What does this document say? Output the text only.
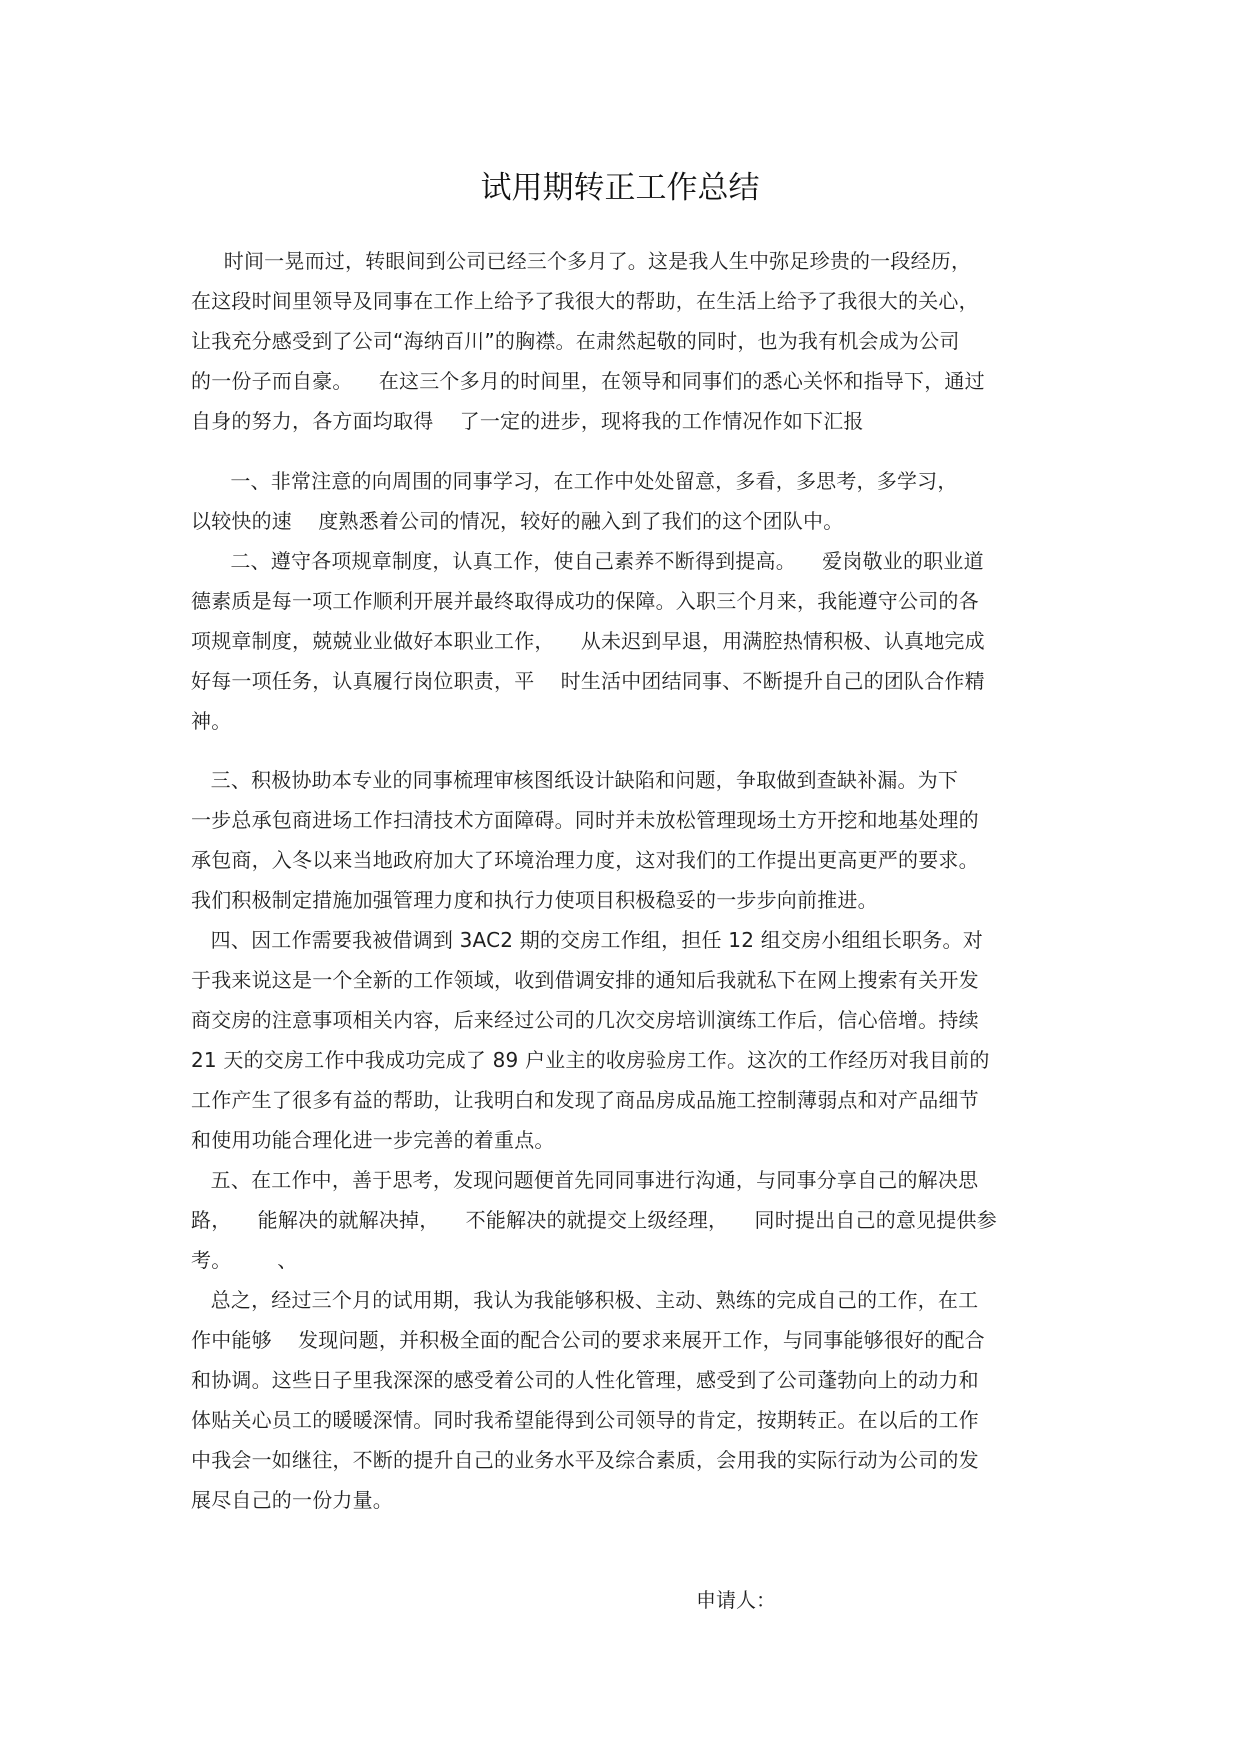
试用期转正工作总结
时间一晃而过，转眼间到公司已经三个多月了。这是我人生中弥足珍贵的一段经历，
在这段时间里领导及同事在工作上给予了我很大的帮助，在生活上给予了我很大的关心，
让我充分感受到了公司“海纳百川”的胸襟。在肃然起敬的同时，也为我有机会成为公司
的一份子而自豪。    在这三个多月的时间里，在领导和同事们的悉心关怀和指导下，通过
自身的努力，各方面均取得    了一定的进步，现将我的工作情况作如下汇报
一、非常注意的向周围的同事学习，在工作中处处留意，多看，多思考，多学习，
以较快的速    度熟悉着公司的情况，较好的融入到了我们的这个团队中。
二、遵守各项规章制度，认真工作，使自己素养不断得到提高。    爱岗敬业的职业道
德素质是每一项工作顺利开展并最终取得成功的保障。入职三个月来，我能遵守公司的各
项规章制度，兢兢业业做好本职业工作，    从未迟到早退，用满腔热情积极、认真地完成
好每一项任务，认真履行岗位职责，平    时生活中团结同事、不断提升自己的团队合作精
神。
三、积极协助本专业的同事梳理审核图纸设计缺陷和问题，争取做到查缺补漏。为下
一步总承包商进场工作扫清技术方面障碍。同时并未放松管理现场土方开挖和地基处理的
承包商，入冬以来当地政府加大了环境治理力度，这对我们的工作提出更高更严的要求。
我们积极制定措施加强管理力度和执行力使项目积极稳妥的一步步向前推进。
四、因工作需要我被借调到 3AC2 期的交房工作组，担任 12 组交房小组组长职务。对
于我来说这是一个全新的工作领域，收到借调安排的通知后我就私下在网上搜索有关开发
商交房的注意事项相关内容，后来经过公司的几次交房培训演练工作后，信心倍增。持续
21 天的交房工作中我成功完成了 89 户业主的收房验房工作。这次的工作经历对我目前的
工作产生了很多有益的帮助，让我明白和发现了商品房成品施工控制薄弱点和对产品细节
和使用功能合理化进一步完善的着重点。
五、在工作中，善于思考，发现问题便首先同同事进行沟通，与同事分享自己的解决思
路，    能解决的就解决掉，    不能解决的就提交上级经理，    同时提出自己的意见提供参
考。       、
总之，经过三个月的试用期，我认为我能够积极、主动、熟练的完成自己的工作，在工
作中能够    发现问题，并积极全面的配合公司的要求来展开工作，与同事能够很好的配合
和协调。这些日子里我深深的感受着公司的人性化管理，感受到了公司蓬勃向上的动力和
体贴关心员工的暖暖深情。同时我希望能得到公司领导的肯定，按期转正。在以后的工作
中我会一如继往，不断的提升自己的业务水平及综合素质，会用我的实际行动为公司的发
展尽自己的一份力量。
申请人：
